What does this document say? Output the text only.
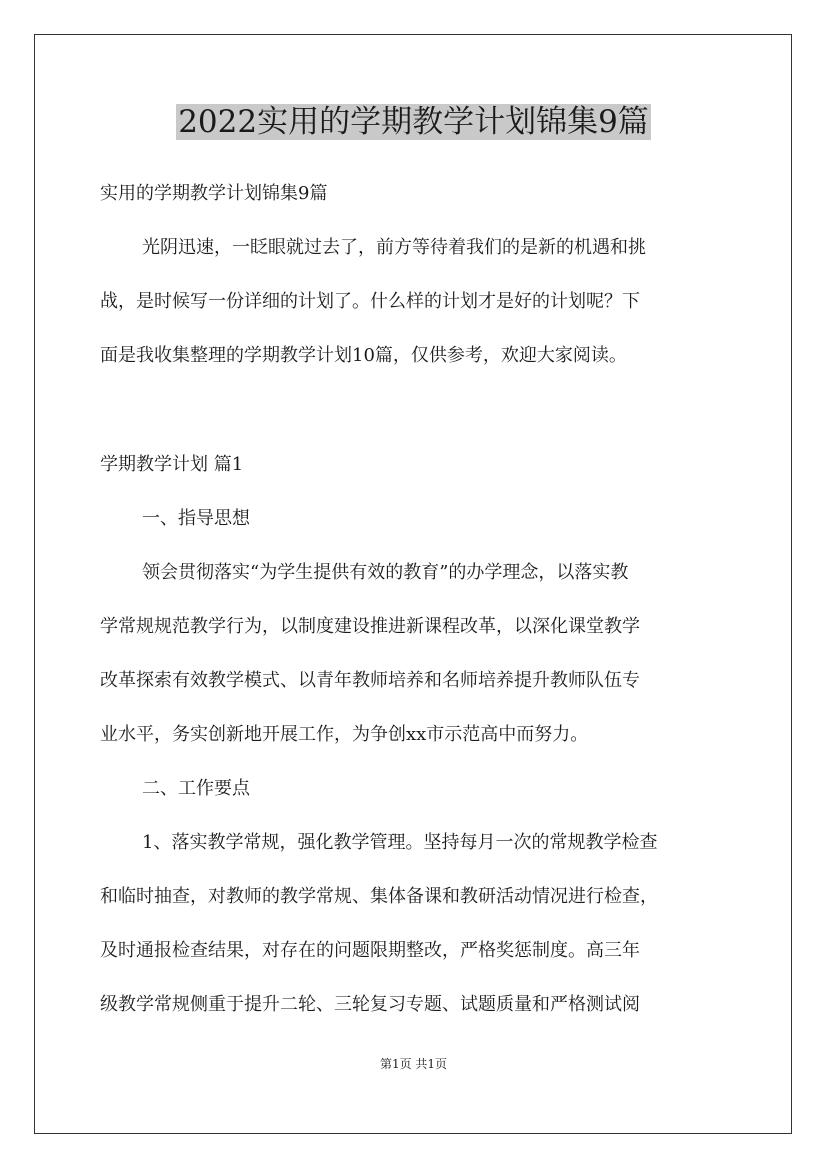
2022实用的学期教学计划锦集9篇

实用的学期教学计划锦集9篇

光阴迅速，一眨眼就过去了，前方等待着我们的是新的机遇和挑

战，是时候写一份详细的计划了。什么样的计划才是好的计划呢？下

面是我收集整理的学期教学计划10篇，仅供参考，欢迎大家阅读。

学期教学计划 篇1

一、指导思想

领会贯彻落实“为学生提供有效的教育”的办学理念，以落实教

学常规规范教学行为，以制度建设推进新课程改革，以深化课堂教学

改革探索有效教学模式、以青年教师培养和名师培养提升教师队伍专

业水平，务实创新地开展工作，为争创xx市示范高中而努力。

二、工作要点

1、落实教学常规，强化教学管理。坚持每月一次的常规教学检查

和临时抽查，对教师的教学常规、集体备课和教研活动情况进行检查，

及时通报检查结果，对存在的问题限期整改，严格奖惩制度。高三年

级教学常规侧重于提升二轮、三轮复习专题、试题质量和严格测试阅

第1页 共1页
